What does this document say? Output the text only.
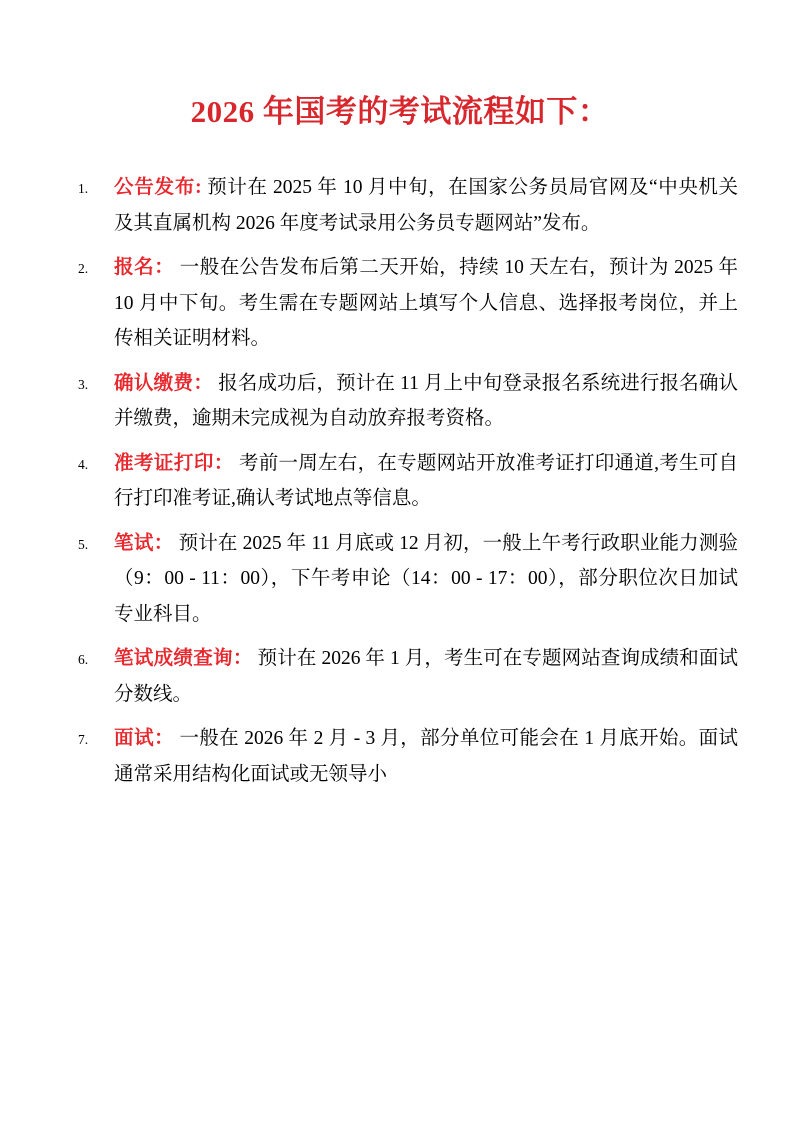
2026 年国考的考试流程如下：
公告发布: 预计在 2025 年 10 月中旬，在国家公务员局官网及“中央机关及其直属机构 2026 年度考试录用公务员专题网站”发布。
报名： 一般在公告发布后第二天开始，持续 10 天左右，预计为 2025 年 10 月中下旬。考生需在专题网站上填写个人信息、选择报考岗位，并上传相关证明材料。
确认缴费： 报名成功后，预计在 11 月上中旬登录报名系统进行报名确认并缴费，逾期未完成视为自动放弃报考资格。
准考证打印： 考前一周左右，在专题网站开放准考证打印通道,考生可自行打印准考证,确认考试地点等信息。
笔试： 预计在 2025 年 11 月底或 12 月初，一般上午考行政职业能力测验（9：00 - 11：00），下午考申论（14：00 - 17：00），部分职位次日加试专业科目。
笔试成绩查询： 预计在 2026 年 1 月，考生可在专题网站查询成绩和面试分数线。
面试： 一般在 2026 年 2 月 - 3 月，部分单位可能会在 1 月底开始。面试通常采用结构化面试或无领导小
